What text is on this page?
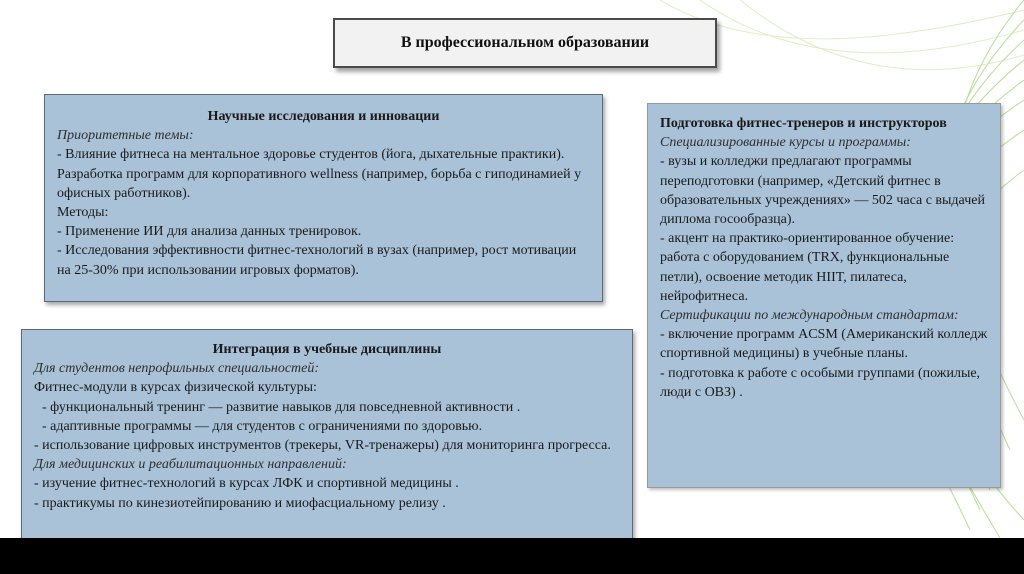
В профессиональном образовании
Научные исследования и инновации
Приоритетные темы:
- Влияние фитнеса на ментальное здоровье студентов (йога, дыхательные практики). Разработка программ для корпоративного wellness (например, борьба с гиподинамией у офисных работников).
Методы:
- Применение ИИ для анализа данных тренировок.
- Исследования эффективности фитнес-технологий в вузах (например, рост мотивации на 25-30% при использовании игровых форматов).
Интеграция в учебные дисциплины
Для студентов непрофильных специальностей:
Фитнес-модули в курсах физической культуры:
- функциональный тренинг — развитие навыков для повседневной активности .
- адаптивные программы — для студентов с ограничениями по здоровью.
- использование цифровых инструментов (трекеры, VR-тренажеры) для мониторинга прогресса.
Для медицинских и реабилитационных направлений:
- изучение фитнес-технологий в курсах ЛФК и спортивной медицины .
- практикумы по кинезиотейпированию и миофасциальному релизу .
Подготовка фитнес-тренеров и инструкторов
Специализированные курсы и программы:
- вузы и колледжи предлагают программы переподготовки (например, «Детский фитнес в образовательных учреждениях» — 502 часа с выдачей диплома госообразца).
- акцент на практико-ориентированное обучение: работа с оборудованием (TRX, функциональные петли), освоение методик HIIT, пилатеса, нейрофитнеса.
Сертификации по международным стандартам:
- включение программ ACSM (Американский колледж спортивной медицины) в учебные планы.
- подготовка к работе с особыми группами (пожилые, люди с ОВЗ) .
